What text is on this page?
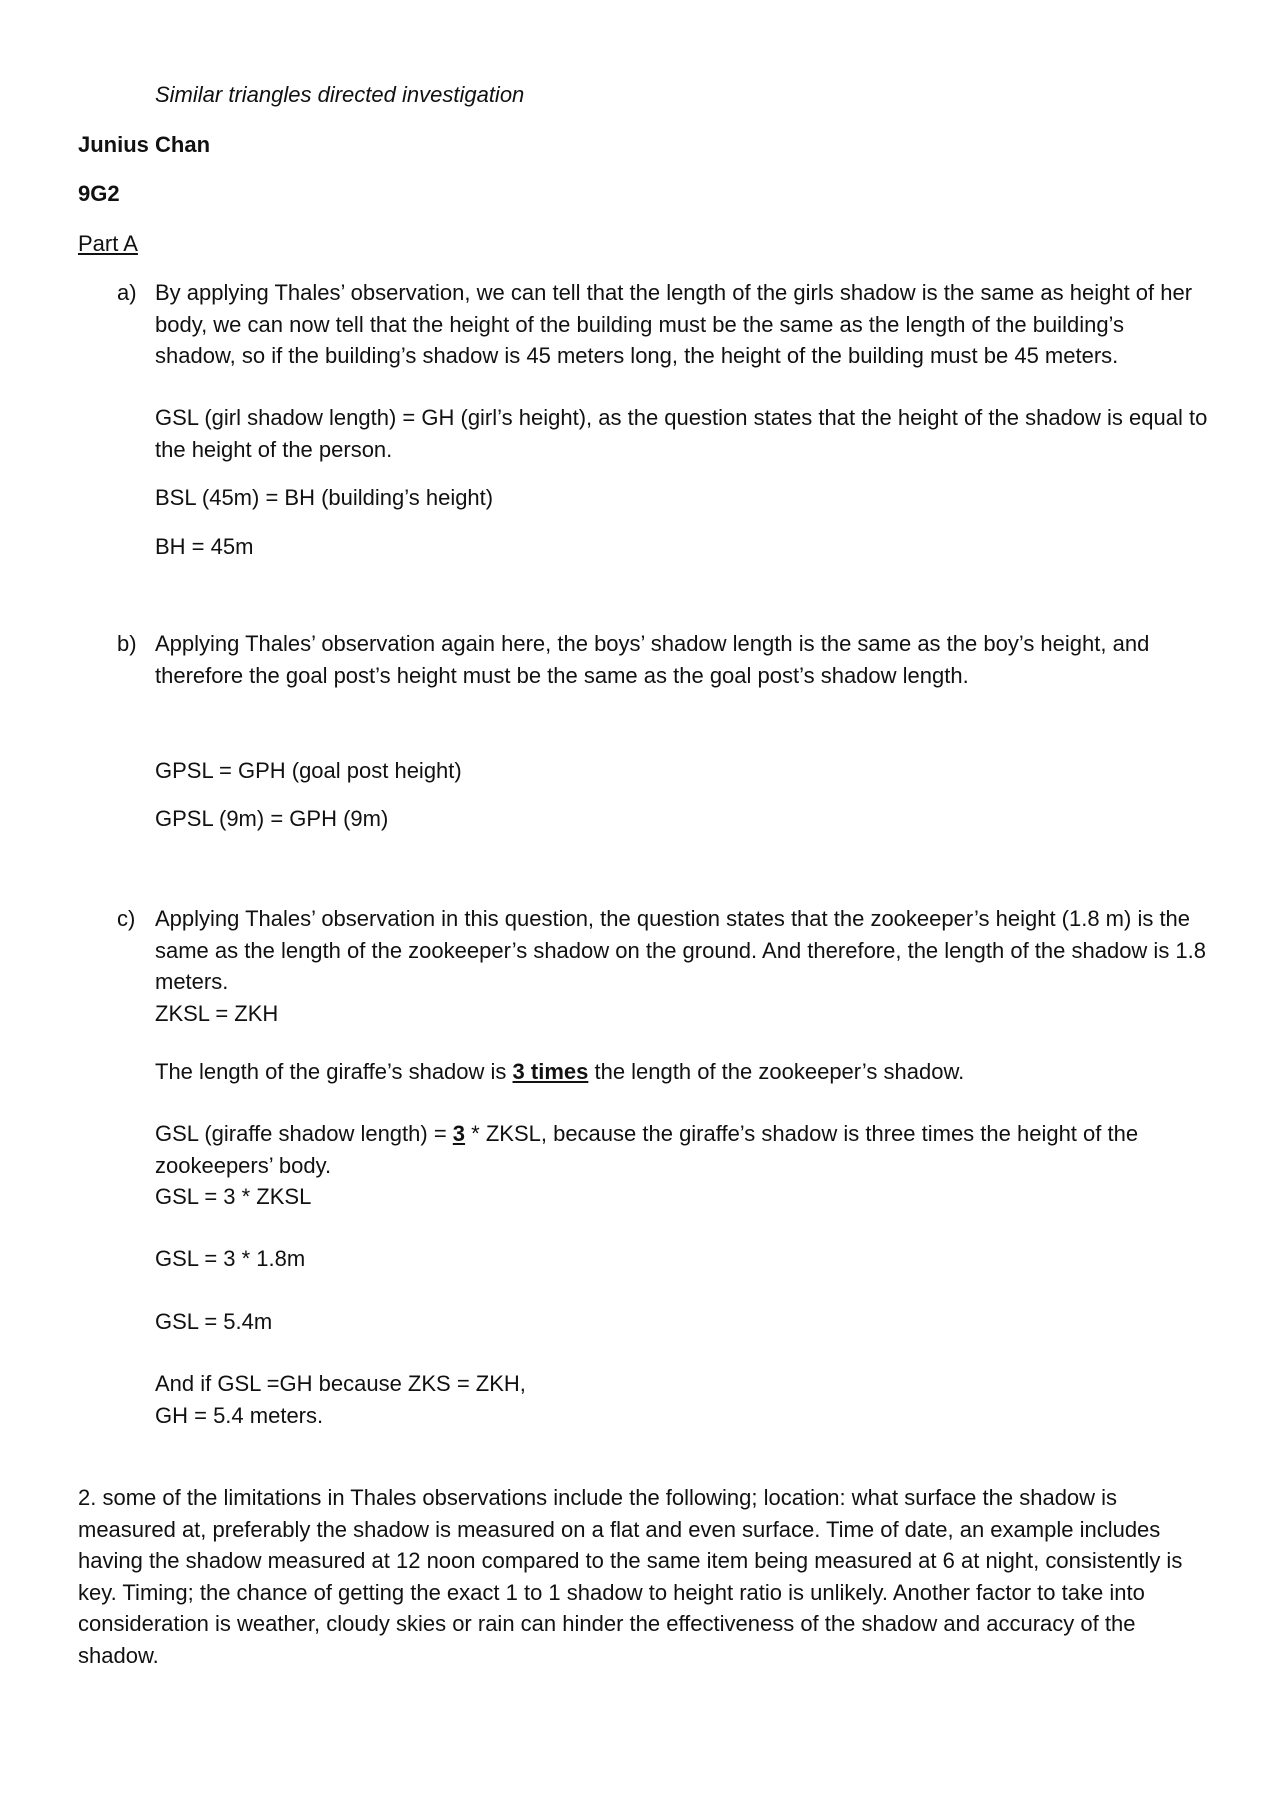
Similar triangles directed investigation

Junius Chan

9G2

Part A

a) By applying Thales’ observation, we can tell that the length of the girls shadow is the same as height of her
body, we can now tell that the height of the building must be the same as the length of the building’s
shadow, so if the building’s shadow is 45 meters long, the height of the building must be 45 meters.
GSL (girl shadow length) = GH (girl’s height), as the question states that the height of the shadow is equal to
the height of the person.

BSL (45m) = BH (building’s height)

BH = 45m

b) Applying Thales’ observation again here, the boys’ shadow length is the same as the boy’s height, and
therefore the goal post’s height must be the same as the goal post’s shadow length.

GPSL = GPH (goal post height)

GPSL (9m) = GPH (9m)

c) Applying Thales’ observation in this question, the question states that the zookeeper’s height (1.8 m) is the
same as the length of the zookeeper’s shadow on the ground. And therefore, the length of the shadow is 1.8
meters.
ZKSL = ZKH

The length of the giraffe’s shadow is 3 times the length of the zookeeper’s shadow.

GSL (giraffe shadow length) = 3 * ZKSL, because the giraffe’s shadow is three times the height of the
zookeepers’ body.
GSL = 3 * ZKSL

GSL = 3 * 1.8m

GSL = 5.4m

And if GSL =GH because ZKS = ZKH,
GH = 5.4 meters.
2. some of the limitations in Thales observations include the following; location: what surface the shadow is
measured at, preferably the shadow is measured on a flat and even surface. Time of date, an example includes
having the shadow measured at 12 noon compared to the same item being measured at 6 at night, consistently is
key. Timing; the chance of getting the exact 1 to 1 shadow to height ratio is unlikely. Another factor to take into
consideration is weather, cloudy skies or rain can hinder the effectiveness of the shadow and accuracy of the
shadow.
